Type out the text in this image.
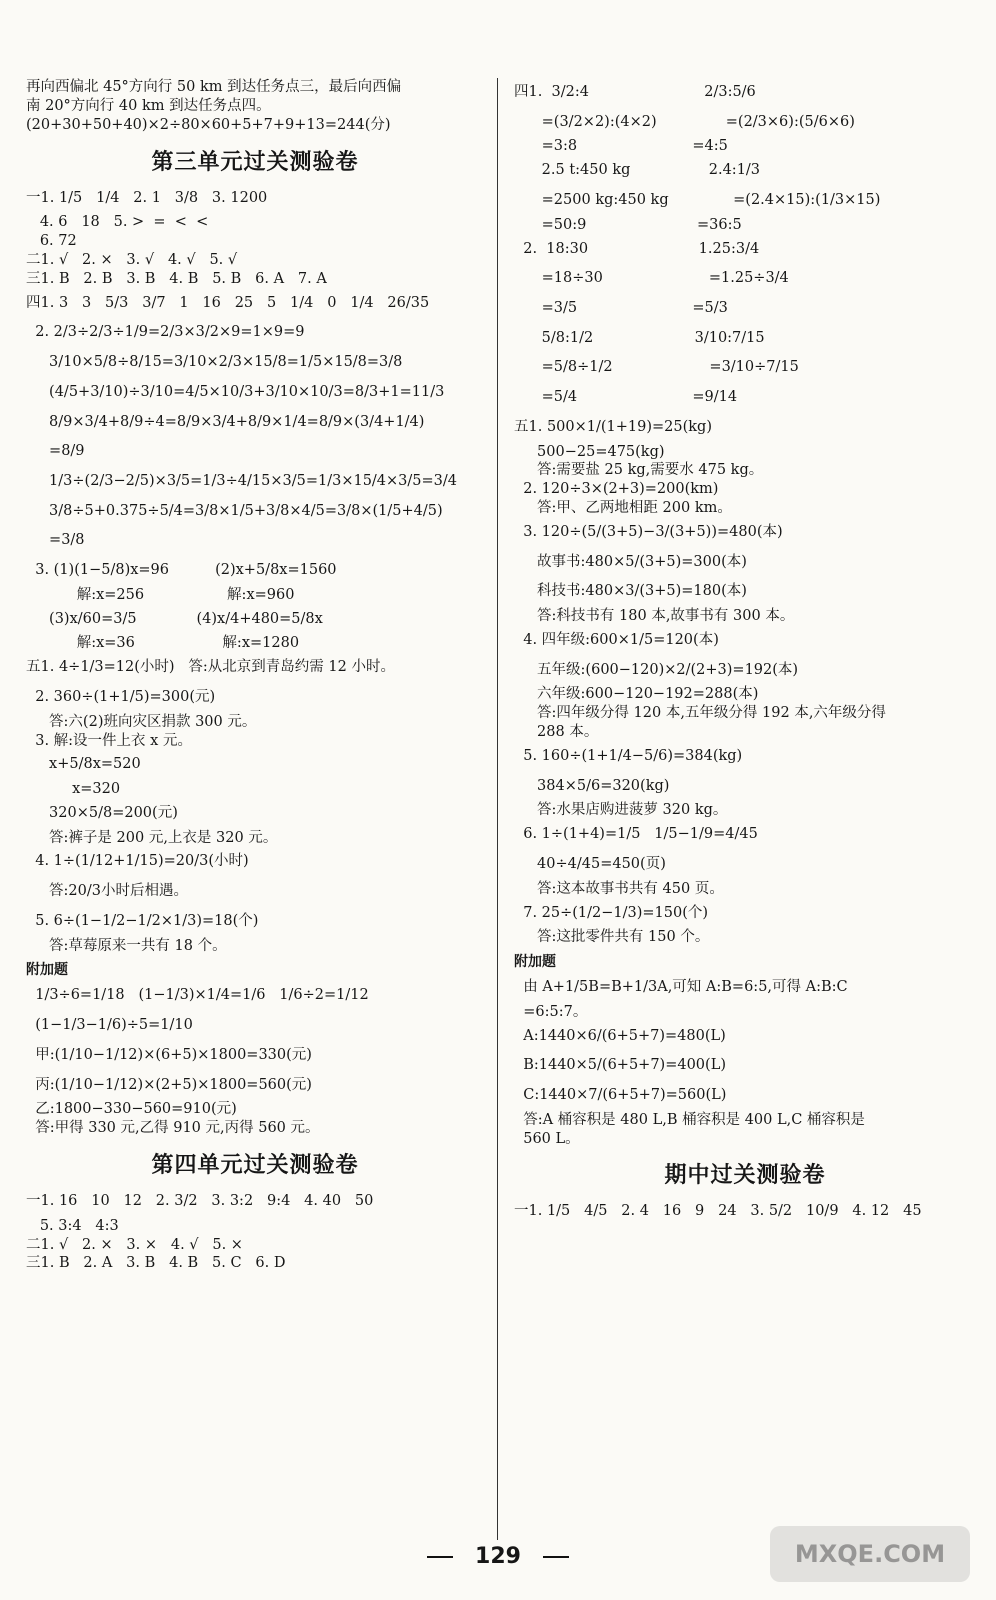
再向西偏北 45°方向行 50 km 到达任务点三，最后向西偏

南 20°方向行 40 km 到达任务点四。

(20+30+50+40)×2÷80×60+5+7+9+13=244(分)

第三单元过关测验卷

一1. 1/5   1/4   2. 1   3/8   3. 1200

4. 6   18   5. >  =  <  <

6. 72

二1. √   2. ×   3. √   4. √   5. √

三1. B   2. B   3. B   4. B   5. B   6. A   7. A

四1. 3   3   5/3   3/7   1   16   25   5   1/4   0   1/4   26/35

2. 2/3÷2/3÷1/9=2/3×3/2×9=1×9=9

3/10×5/8÷8/15=3/10×2/3×15/8=1/5×15/8=3/8

(4/5+3/10)÷3/10=4/5×10/3+3/10×10/3=8/3+1=11/3

8/9×3/4+8/9÷4=8/9×3/4+8/9×1/4=8/9×(3/4+1/4)

=8/9

1/3÷(2/3−2/5)×3/5=1/3÷4/15×3/5=1/3×15/4×3/5=3/4

3/8÷5+0.375÷5/4=3/8×1/5+3/8×4/5=3/8×(1/5+4/5)

=3/8

3. (1)(1−5/8)x=96          (2)x+5/8x=1560

解:x=256                  解:x=960

(3)x/60=3/5             (4)x/4+480=5/8x

解:x=36                   解:x=1280

五1. 4÷1/3=12(小时)   答:从北京到青岛约需 12 小时。

2. 360÷(1+1/5)=300(元)

答:六(2)班向灾区捐款 300 元。

3. 解:设一件上衣 x 元。

x+5/8x=520

x=320

320×5/8=200(元)

答:裤子是 200 元,上衣是 320 元。

4. 1÷(1/12+1/15)=20/3(小时)

答:20/3小时后相遇。

5. 6÷(1−1/2−1/2×1/3)=18(个)

答:草莓原来一共有 18 个。

附加题

1/3÷6=1/18   (1−1/3)×1/4=1/6   1/6÷2=1/12

(1−1/3−1/6)÷5=1/10

甲:(1/10−1/12)×(6+5)×1800=330(元)

丙:(1/10−1/12)×(2+5)×1800=560(元)

乙:1800−330−560=910(元)

答:甲得 330 元,乙得 910 元,丙得 560 元。

第四单元过关测验卷

一1. 16   10   12   2. 3/2   3. 3:2   9:4   4. 40   50

5. 3:4   4:3

二1. √   2. ×   3. ×   4. √   5. ×

三1. B   2. A   3. B   4. B   5. C   6. D

四1.  3/2:4                         2/3:5/6

=(3/2×2):(4×2)               =(2/3×6):(5/6×6)

=3:8                         =4:5

2.5 t:450 kg                 2.4:1/3

=2500 kg:450 kg              =(2.4×15):(1/3×15)

=50:9                        =36:5

2.  18:30                        1.25:3/4

=18÷30                       =1.25÷3/4

=3/5                         =5/3

5/8:1/2                      3/10:7/15

=5/8÷1/2                     =3/10÷7/15

=5/4                         =9/14

五1. 500×1/(1+19)=25(kg)

500−25=475(kg)

答:需要盐 25 kg,需要水 475 kg。

2. 120÷3×(2+3)=200(km)

答:甲、乙两地相距 200 km。

3. 120÷(5/(3+5)−3/(3+5))=480(本)

故事书:480×5/(3+5)=300(本)

科技书:480×3/(3+5)=180(本)

答:科技书有 180 本,故事书有 300 本。

4. 四年级:600×1/5=120(本)

五年级:(600−120)×2/(2+3)=192(本)

六年级:600−120−192=288(本)

答:四年级分得 120 本,五年级分得 192 本,六年级分得

288 本。

5. 160÷(1+1/4−5/6)=384(kg)

384×5/6=320(kg)

答:水果店购进菠萝 320 kg。

6. 1÷(1+4)=1/5   1/5−1/9=4/45

40÷4/45=450(页)

答:这本故事书共有 450 页。

7. 25÷(1/2−1/3)=150(个)

答:这批零件共有 150 个。

附加题

由 A+1/5B=B+1/3A,可知 A:B=6:5,可得 A:B:C

=6:5:7。

A:1440×6/(6+5+7)=480(L)

B:1440×5/(6+5+7)=400(L)

C:1440×7/(6+5+7)=560(L)

答:A 桶容积是 480 L,B 桶容积是 400 L,C 桶容积是

560 L。

期中过关测验卷

一1. 1/5   4/5   2. 4   16   9   24   3. 5/2   10/9   4. 12   45

129	MXQE.COM
